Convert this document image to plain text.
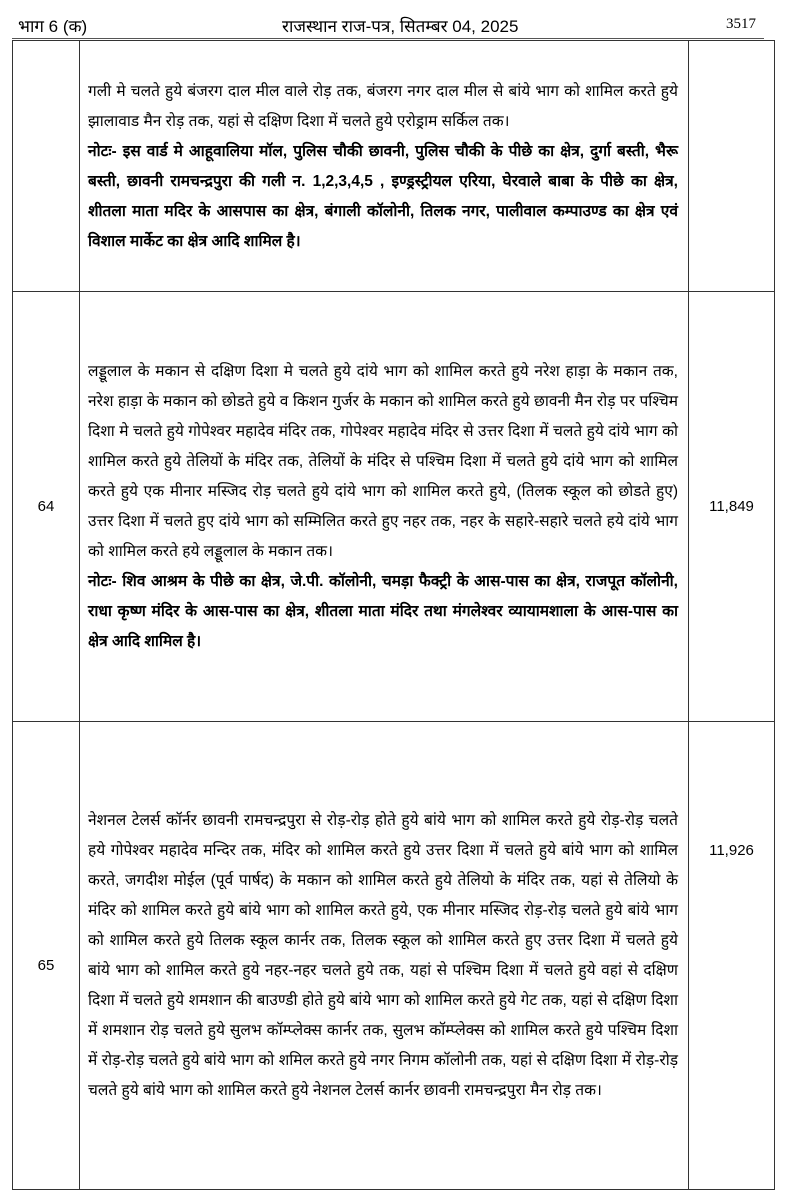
भाग 6 (क)	राजस्थान राज-पत्र, सितम्बर 04, 2025	3517

	गली मे चलते हुये बंजरग दाल मील वाले रोड़ तक, बंजरग नगर दाल मील से बांये भाग को शामिल करते हुये झालावाड मैन रोड़ तक, यहां से दक्षिण दिशा में चलते हुये एरोड्राम सर्किल तक।
नोटः- इस वार्ड मे आहूवालिया मॉल, पुलिस चौकी छावनी, पुलिस चौकी के पीछे का क्षेत्र, दुर्गा बस्ती, भैरू बस्ती, छावनी रामचन्द्रपुरा की गली न. 1,2,3,4,5 , इण्ड्रस्ट्रीयल एरिया, घेरवाले बाबा के पीछे का क्षेत्र, शीतला माता मदिर के आसपास का क्षेत्र, बंगाली कॉलोनी, तिलक नगर, पालीवाल कम्पाउण्ड का क्षेत्र एवं विशाल मार्केट का क्षेत्र आदि शामिल है।	

64	लड्डूलाल के मकान से दक्षिण दिशा मे चलते हुये दांये भाग को शामिल करते हुये नरेश हाड़ा के मकान तक, नरेश हाड़ा के मकान को छोडते हुये व किशन गुर्जर के मकान को शामिल करते हुये छावनी मैन रोड़ पर पश्चिम दिशा मे चलते हुये गोपेश्वर महादेव मंदिर तक, गोपेश्वर महादेव मंदिर से उत्तर दिशा में चलते हुये दांये भाग को शामिल करते हुये तेलियों के मंदिर तक, तेलियों के मंदिर से पश्चिम दिशा में चलते हुये दांये भाग को शामिल करते हुये एक मीनार मस्जिद रोड़ चलते हुये दांये भाग को शामिल करते हुये, (तिलक स्कूल को छोडते हुए) उत्तर दिशा में चलते हुए दांये भाग को सम्मिलित करते हुए नहर तक, नहर के सहारे-सहारे चलते हये दांये भाग को शामिल करते हये लड्डूलाल के मकान तक।
नोटः- शिव आश्रम के पीछे का क्षेत्र, जे.पी. कॉलोनी, चमड़ा फैक्ट्री के आस-पास का क्षेत्र, राजपूत कॉलोनी, राधा कृष्ण मंदिर के आस-पास का क्षेत्र, शीतला माता मंदिर तथा मंगलेश्वर व्यायामशाला के आस-पास का क्षेत्र आदि शामिल है।	11,849
65	नेशनल टेलर्स कॉर्नर छावनी रामचन्द्रपुरा से रोड़-रोड़ होते हुये बांये भाग को शामिल करते हुये रोड़-रोड़ चलते हये गोपेश्वर महादेव मन्दिर तक, मंदिर को शामिल करते हुये उत्तर दिशा में चलते हुये बांये भाग को शामिल करते, जगदीश मोईल (पूर्व पार्षद) के मकान को शामिल करते हुये तेलियो के मंदिर तक, यहां से तेलियो के मंदिर को शामिल करते हुये बांये भाग को शामिल करते हुये, एक मीनार मस्जिद रोड़-रोड़ चलते हुये बांये भाग को शामिल करते हुये तिलक स्कूल कार्नर तक, तिलक स्कूल को शामिल करते हुए उत्तर दिशा में चलते हुये बांये भाग को शामिल करते हुये नहर-नहर चलते हुये तक, यहां से पश्चिम दिशा में चलते हुये वहां से दक्षिण दिशा में चलते हुये शमशान की बाउण्डी होते हुये बांये भाग को शामिल करते हुये गेट तक, यहां से दक्षिण दिशा में शमशान रोड़ चलते हुये सुलभ कॉम्प्लेक्स कार्नर तक, सुलभ कॉम्प्लेक्स को शामिल करते हुये पश्चिम दिशा में रोड़-रोड़ चलते हुये बांये भाग को शमिल करते हुये नगर निगम कॉलोनी तक, यहां से दक्षिण दिशा में रोड़-रोड़ चलते हुये बांये भाग को शामिल करते हुये नेशनल टेलर्स कार्नर छावनी रामचन्द्रपुरा मैन रोड़ तक।	11,926
